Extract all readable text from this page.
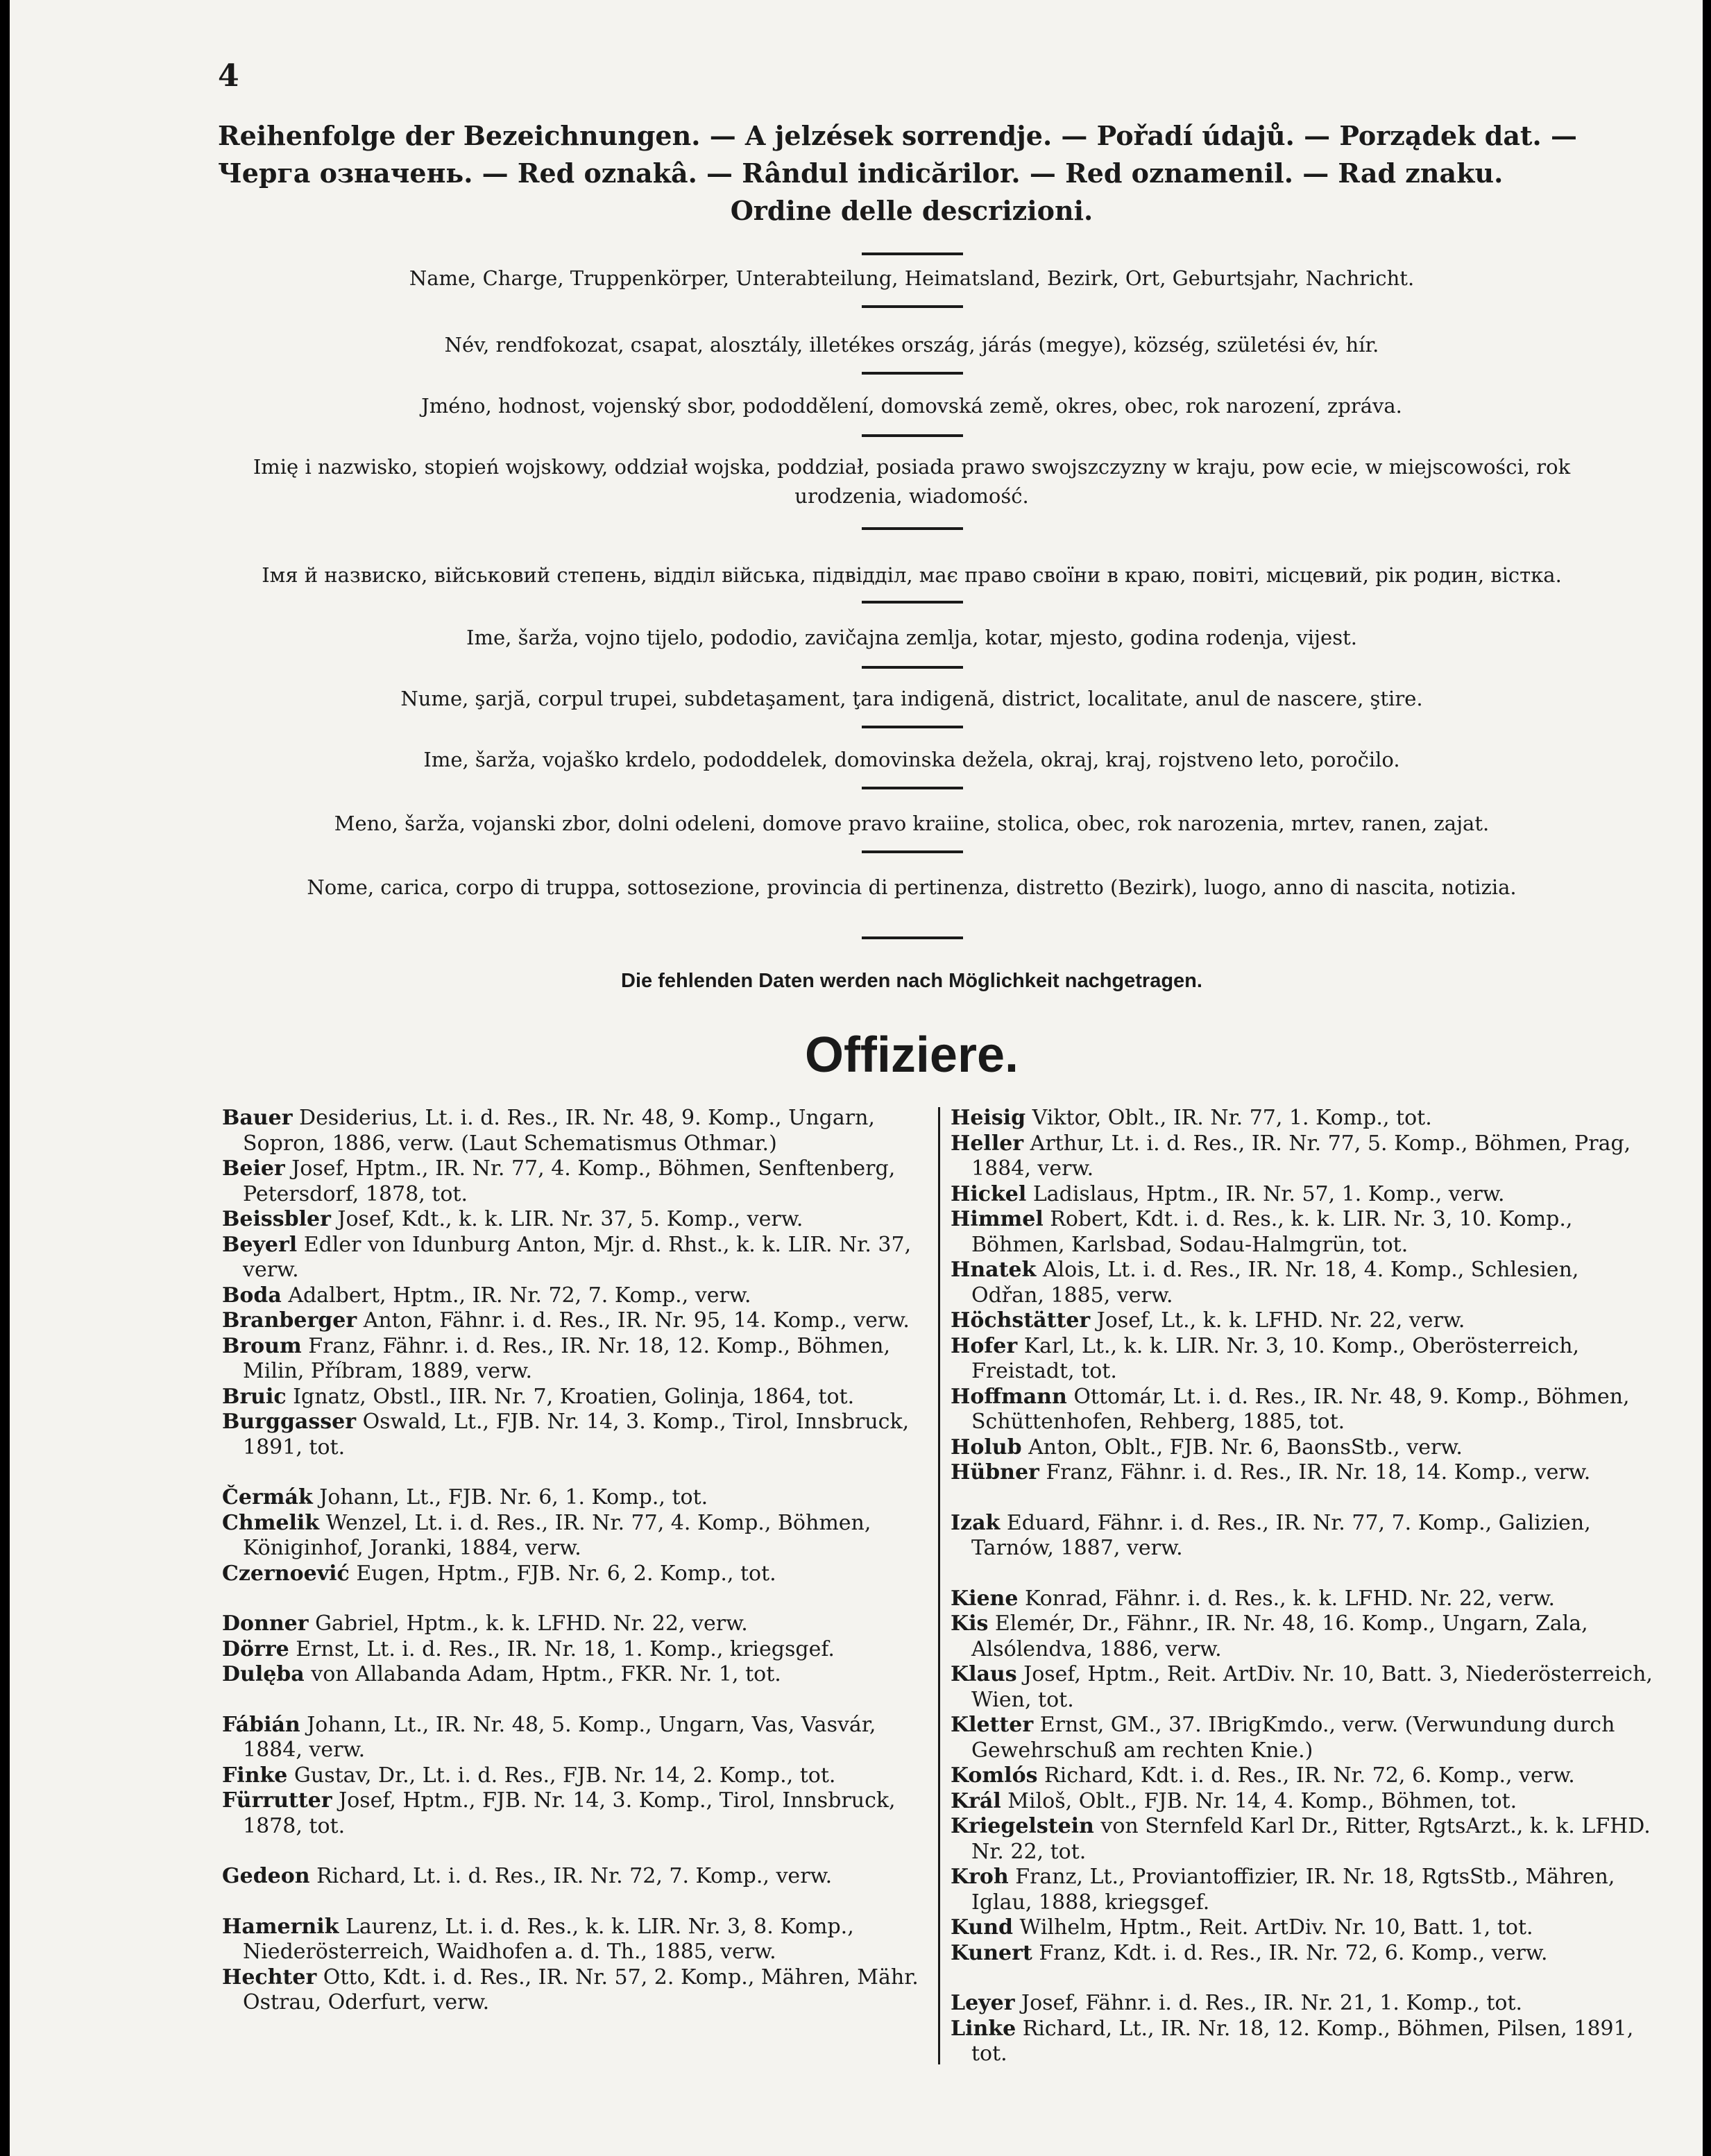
4
Reihenfolge der Bezeichnungen. — A jelzések sorrendje. — Pořadí údajů. — Porządek dat. —
Черга означень. — Red oznakâ. — Rândul indicărilor. — Red oznamenil. — Rad znaku.
Ordine delle descrizioni.
Name, Charge, Truppenkörper, Unterabteilung, Heimatsland, Bezirk, Ort, Geburtsjahr, Nachricht.
Név, rendfokozat, csapat, alosztály, illetékes ország, járás (megye), község, születési év, hír.
Jméno, hodnost, vojenský sbor, pododdělení, domovská země, okres, obec, rok narození, zpráva.
Imię i nazwisko, stopień wojskowy, oddział wojska, poddział, posiada prawo swojszczyzny w kraju, pow ecie, w miejscowości, rok urodzenia, wiadomość.
Імя й назвиско, військовий степень, відділ війська, підвідділ, має право своїни в краю, повіті, місцевий, рік родин, вістка.
Ime, šarža, vojno tijelo, pododio, zavičajna zemlja, kotar, mjesto, godina rodenja, vijest.
Nume, şarjă, corpul trupei, subdetaşament, ţara indigenă, district, localitate, anul de nascere, ştire.
Ime, šarža, vojaško krdelo, pododdelek, domovinska dežela, okraj, kraj, rojstveno leto, poročilo.
Meno, šarža, vojanski zbor, dolni odeleni, domove pravo kraiine, stolica, obec, rok narozenia, mrtev, ranen, zajat.
Nome, carica, corpo di truppa, sottosezione, provincia di pertinenza, distretto (Bezirk), luogo, anno di nascita, notizia.
Die fehlenden Daten werden nach Möglichkeit nachgetragen.
Offiziere.

Bauer Desiderius, Lt. i. d. Res., IR. Nr. 48, 9. Komp., Ungarn, Sopron, 1886, verw. (Laut Schematismus Othmar.)

Beier Josef, Hptm., IR. Nr. 77, 4. Komp., Böhmen, Senftenberg, Petersdorf, 1878, tot.

Beissbler Josef, Kdt., k. k. LIR. Nr. 37, 5. Komp., verw.

Beyerl Edler von Idunburg Anton, Mjr. d. Rhst., k. k. LIR. Nr. 37, verw.

Boda Adalbert, Hptm., IR. Nr. 72, 7. Komp., verw.

Branberger Anton, Fähnr. i. d. Res., IR. Nr. 95, 14. Komp., verw.

Broum Franz, Fähnr. i. d. Res., IR. Nr. 18, 12. Komp., Böhmen, Milin, Příbram, 1889, verw.

Bruic Ignatz, Obstl., IIR. Nr. 7, Kroatien, Golinja, 1864, tot.

Burggasser Oswald, Lt., FJB. Nr. 14, 3. Komp., Tirol, Innsbruck, 1891, tot.

Čermák Johann, Lt., FJB. Nr. 6, 1. Komp., tot.

Chmelik Wenzel, Lt. i. d. Res., IR. Nr. 77, 4. Komp., Böhmen, Königinhof, Joranki, 1884, verw.

Czernoević Eugen, Hptm., FJB. Nr. 6, 2. Komp., tot.

Donner Gabriel, Hptm., k. k. LFHD. Nr. 22, verw.

Dörre Ernst, Lt. i. d. Res., IR. Nr. 18, 1. Komp., kriegsgef.

Dulęba von Allabanda Adam, Hptm., FKR. Nr. 1, tot.

Fábián Johann, Lt., IR. Nr. 48, 5. Komp., Ungarn, Vas, Vasvár, 1884, verw.

Finke Gustav, Dr., Lt. i. d. Res., FJB. Nr. 14, 2. Komp., tot.

Fürrutter Josef, Hptm., FJB. Nr. 14, 3. Komp., Tirol, Innsbruck, 1878, tot.

Gedeon Richard, Lt. i. d. Res., IR. Nr. 72, 7. Komp., verw.

Hamernik Laurenz, Lt. i. d. Res., k. k. LIR. Nr. 3, 8. Komp., Niederösterreich, Waidhofen a. d. Th., 1885, verw.

Hechter Otto, Kdt. i. d. Res., IR. Nr. 57, 2. Komp., Mähren, Mähr. Ostrau, Oderfurt, verw.

Heisig Viktor, Oblt., IR. Nr. 77, 1. Komp., tot.

Heller Arthur, Lt. i. d. Res., IR. Nr. 77, 5. Komp., Böhmen, Prag, 1884, verw.

Hickel Ladislaus, Hptm., IR. Nr. 57, 1. Komp., verw.

Himmel Robert, Kdt. i. d. Res., k. k. LIR. Nr. 3, 10. Komp., Böhmen, Karlsbad, Sodau-Halmgrün, tot.

Hnatek Alois, Lt. i. d. Res., IR. Nr. 18, 4. Komp., Schlesien, Odřan, 1885, verw.

Höchstätter Josef, Lt., k. k. LFHD. Nr. 22, verw.

Hofer Karl, Lt., k. k. LIR. Nr. 3, 10. Komp., Oberösterreich, Freistadt, tot.

Hoffmann Ottomár, Lt. i. d. Res., IR. Nr. 48, 9. Komp., Böhmen, Schüttenhofen, Rehberg, 1885, tot.

Holub Anton, Oblt., FJB. Nr. 6, BaonsStb., verw.

Hübner Franz, Fähnr. i. d. Res., IR. Nr. 18, 14. Komp., verw.

Izak Eduard, Fähnr. i. d. Res., IR. Nr. 77, 7. Komp., Galizien, Tarnów, 1887, verw.

Kiene Konrad, Fähnr. i. d. Res., k. k. LFHD. Nr. 22, verw.

Kis Elemér, Dr., Fähnr., IR. Nr. 48, 16. Komp., Ungarn, Zala, Alsólendva, 1886, verw.

Klaus Josef, Hptm., Reit. ArtDiv. Nr. 10, Batt. 3, Niederösterreich, Wien, tot.

Kletter Ernst, GM., 37. IBrigKmdo., verw. (Verwundung durch Gewehrschuß am rechten Knie.)

Komlós Richard, Kdt. i. d. Res., IR. Nr. 72, 6. Komp., verw.

Král Miloš, Oblt., FJB. Nr. 14, 4. Komp., Böhmen, tot.

Kriegelstein von Sternfeld Karl Dr., Ritter, RgtsArzt., k. k. LFHD. Nr. 22, tot.

Kroh Franz, Lt., Proviantoffizier, IR. Nr. 18, RgtsStb., Mähren, Iglau, 1888, kriegsgef.

Kund Wilhelm, Hptm., Reit. ArtDiv. Nr. 10, Batt. 1, tot.

Kunert Franz, Kdt. i. d. Res., IR. Nr. 72, 6. Komp., verw.

Leyer Josef, Fähnr. i. d. Res., IR. Nr. 21, 1. Komp., tot.

Linke Richard, Lt., IR. Nr. 18, 12. Komp., Böhmen, Pilsen, 1891, tot.
